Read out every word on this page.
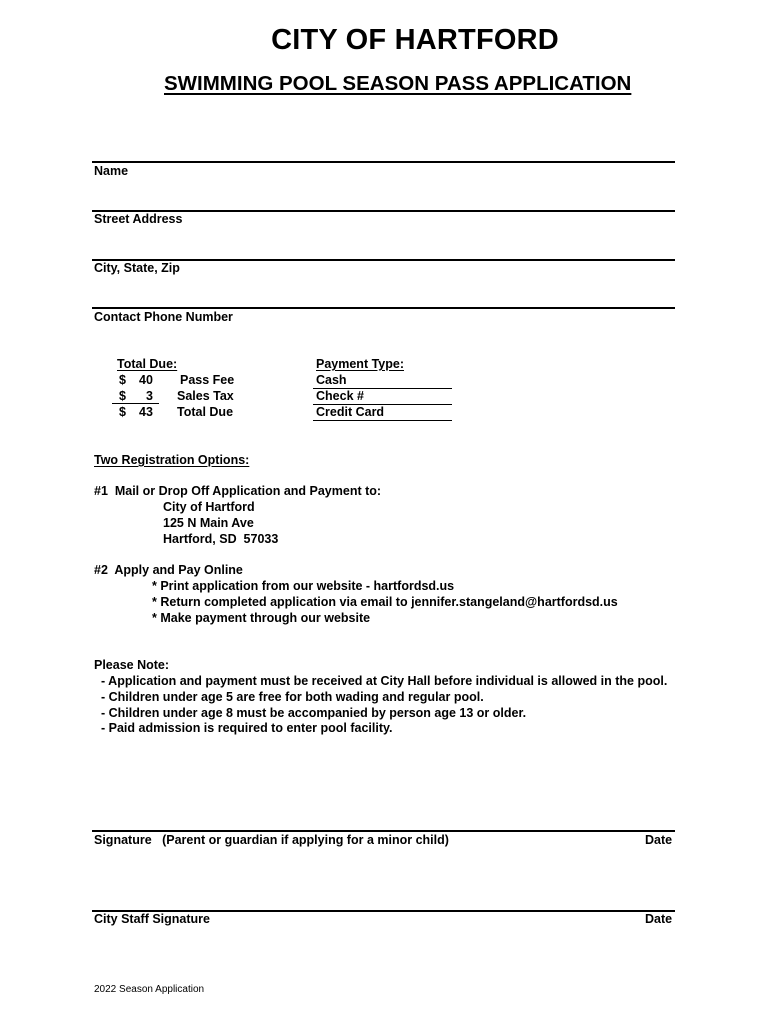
CITY OF HARTFORD
SWIMMING POOL SEASON PASS APPLICATION
Name
Street Address
City, State, Zip
Contact Phone Number
Total Due:
$ 40 Pass Fee
$ 3 Sales Tax
$ 43 Total Due
Payment Type:
Cash
Check #
Credit Card
Two Registration Options:
#1  Mail or Drop Off Application and Payment to:
City of Hartford
125 N Main Ave
Hartford, SD  57033
#2  Apply and Pay Online
* Print application from our website - hartfordsd.us
* Return completed application via email to jennifer.stangeland@hartfordsd.us
* Make payment through our website
Please Note:
- Application and payment must be received at City Hall before individual is allowed in the pool.
- Children under age 5 are free for both wading and regular pool.
- Children under age 8 must be accompanied by person age 13 or older.
- Paid admission is required to enter pool facility.
Signature   (Parent or guardian if applying for a minor child)	Date
City Staff Signature	Date
2022 Season Application
